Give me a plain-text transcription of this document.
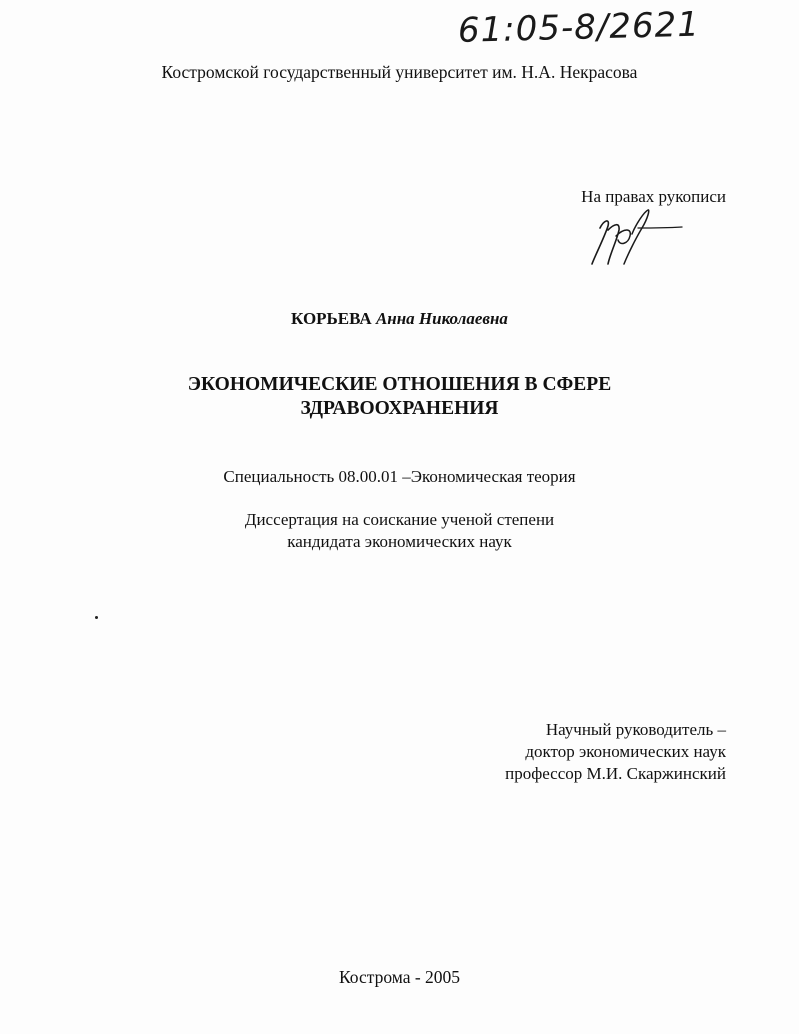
61:05-8/2621
Костромской государственный университет им. Н.А. Некрасова
На правах рукописи
КОРЬЕВА Анна Николаевна
ЭКОНОМИЧЕСКИЕ ОТНОШЕНИЯ В СФЕРЕ
ЗДРАВООХРАНЕНИЯ
Специальность 08.00.01 –Экономическая теория
Диссертация на соискание ученой степени
кандидата экономических наук
Научный руководитель –
доктор экономических наук
профессор М.И. Скаржинский
Кострома - 2005
